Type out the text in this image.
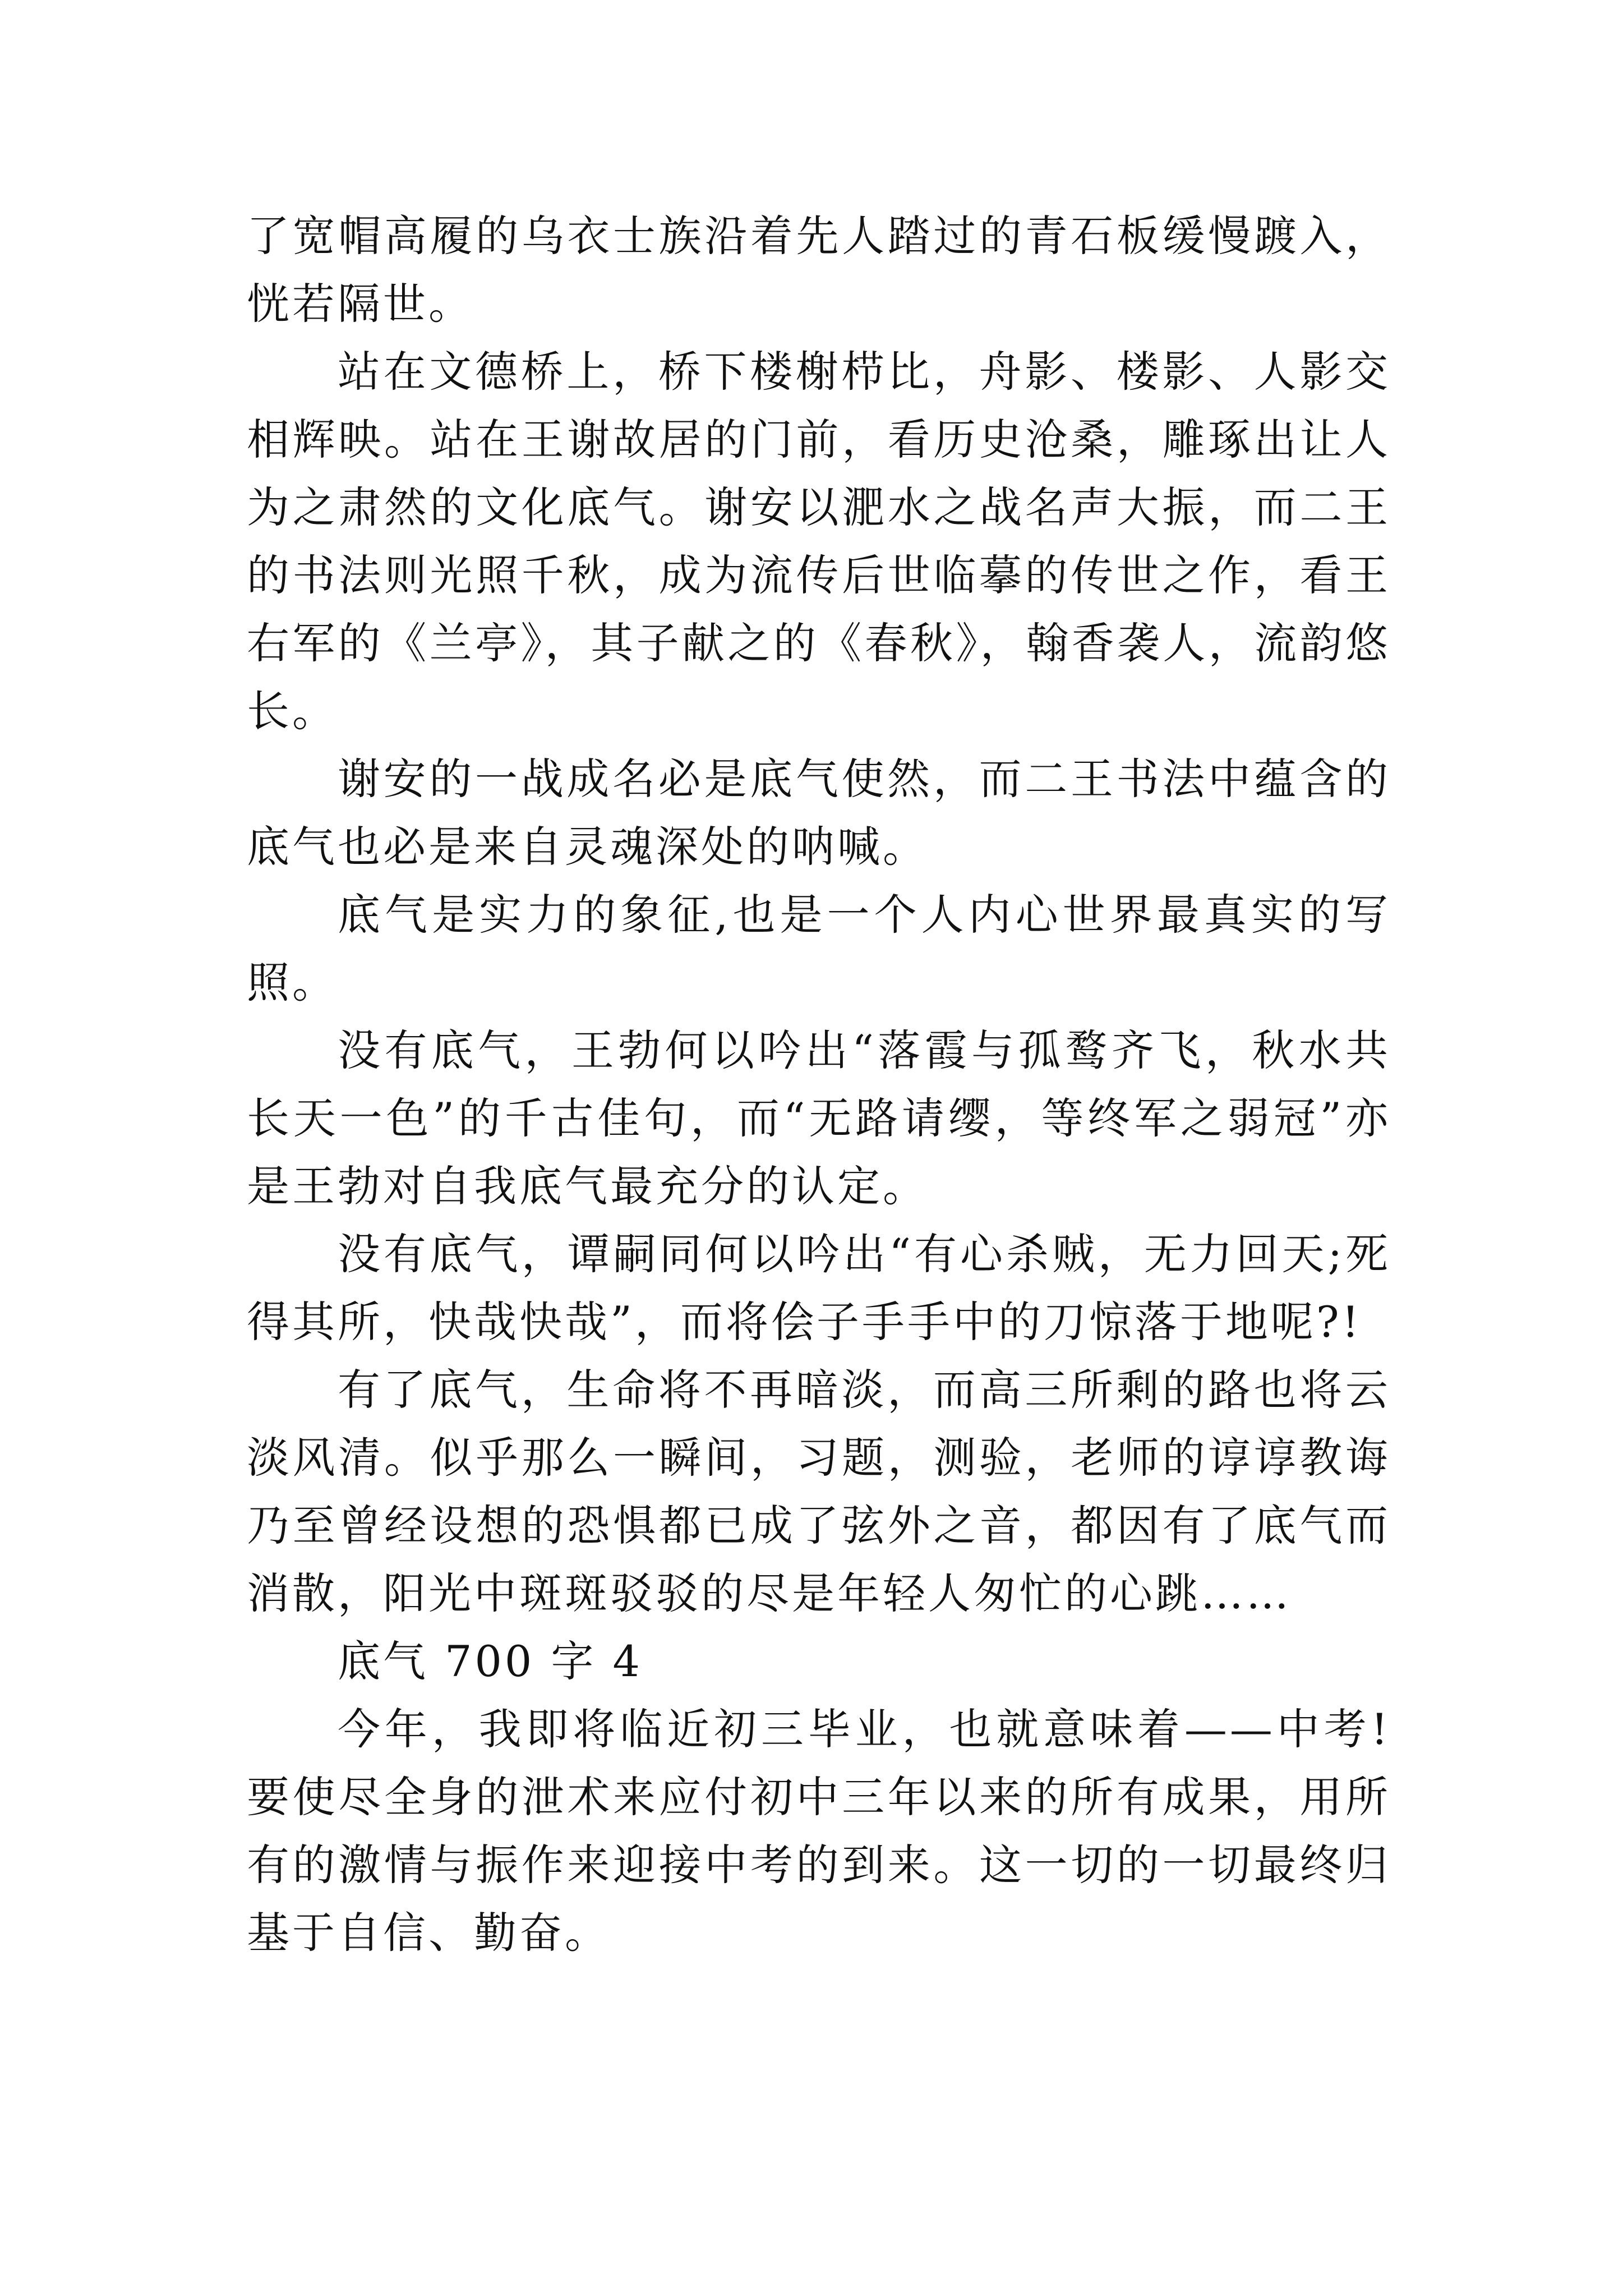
了宽帽高履的乌衣士族沿着先人踏过的青石板缓慢踱入，恍若隔世。

站在文德桥上，桥下楼榭栉比，舟影、楼影、人影交相辉映。站在王谢故居的门前，看历史沧桑，雕琢出让人为之肃然的文化底气。谢安以淝水之战名声大振，而二王的书法则光照千秋，成为流传后世临摹的传世之作，看王右军的《兰亭》，其子献之的《春秋》，翰香袭人，流韵悠长。

谢安的一战成名必是底气使然，而二王书法中蕴含的底气也必是来自灵魂深处的呐喊。

底气是实力的象征,也是一个人内心世界最真实的写照。

没有底气，王勃何以吟出“落霞与孤鹜齐飞，秋水共长天一色”的千古佳句，而“无路请缨，等终军之弱冠”亦是王勃对自我底气最充分的认定。

没有底气，谭嗣同何以吟出“有心杀贼，无力回天;死得其所，快哉快哉”，而将侩子手手中的刀惊落于地呢?!

有了底气，生命将不再暗淡，而高三所剩的路也将云淡风清。似乎那么一瞬间，习题，测验，老师的谆谆教诲乃至曾经设想的恐惧都已成了弦外之音，都因有了底气而消散，阳光中斑斑驳驳的尽是年轻人匆忙的心跳……

底气 700 字 4

今年，我即将临近初三毕业，也就意味着——中考!要使尽全身的泄术来应付初中三年以来的所有成果，用所有的激情与振作来迎接中考的到来。这一切的一切最终归基于自信、勤奋。
